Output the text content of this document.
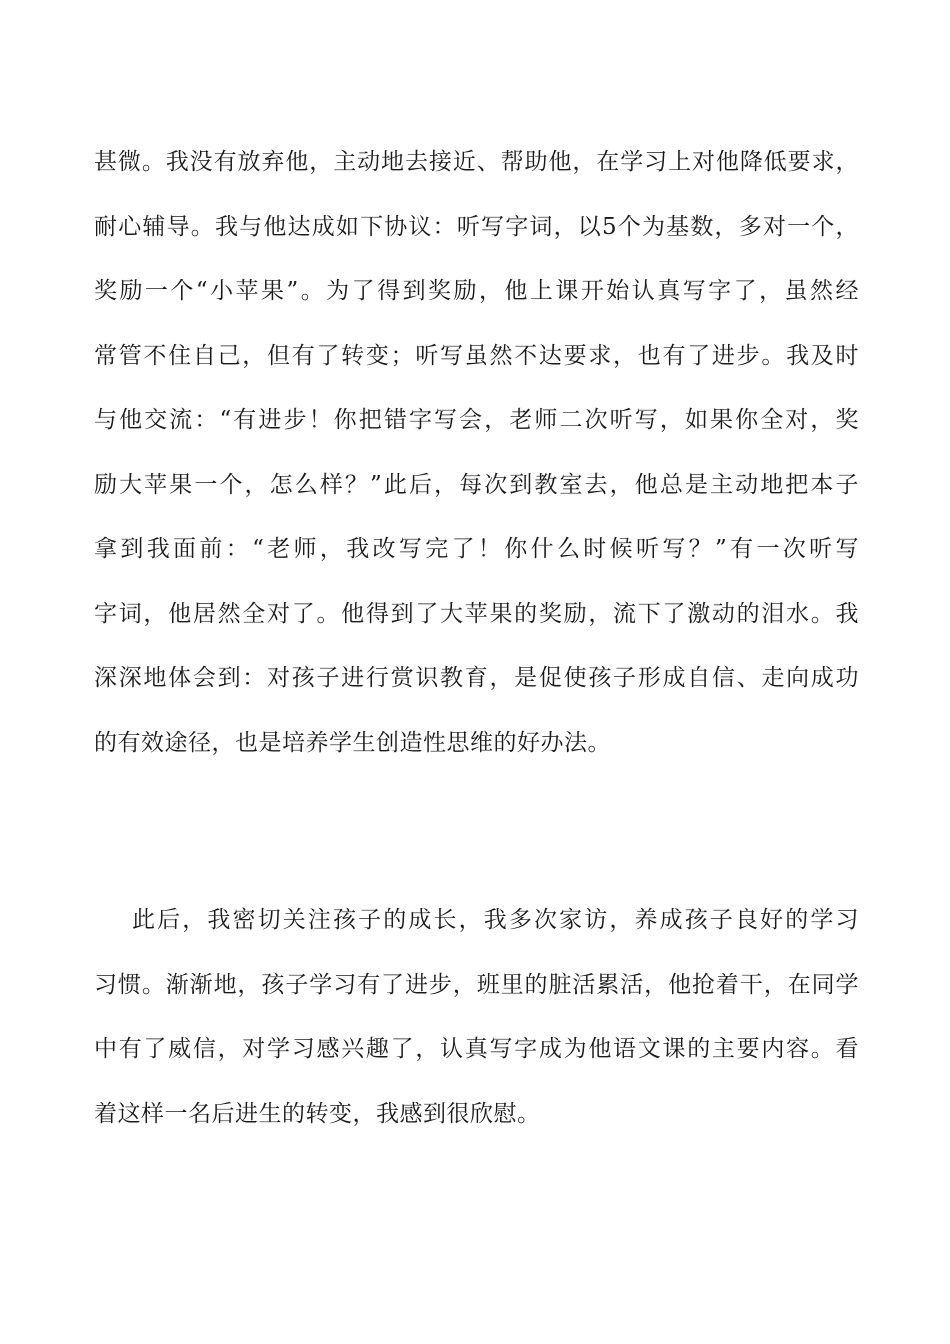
甚微。我没有放弃他，主动地去接近、帮助他，在学习上对他降低要求，
耐心辅导。我与他达成如下协议：听写字词，以5个为基数，多对一个，
奖励一个“小苹果”。为了得到奖励，他上课开始认真写字了，虽然经
常管不住自己，但有了转变；听写虽然不达要求，也有了进步。我及时
与他交流：“有进步！你把错字写会，老师二次听写，如果你全对，奖
励大苹果一个，怎么样？”此后，每次到教室去，他总是主动地把本子
拿到我面前：“老师，我改写完了！你什么时候听写？”有一次听写
字词，他居然全对了。他得到了大苹果的奖励，流下了激动的泪水。我
深深地体会到：对孩子进行赏识教育，是促使孩子形成自信、走向成功
的有效途径，也是培养学生创造性思维的好办法。
此后，我密切关注孩子的成长，我多次家访，养成孩子良好的学习
习惯。渐渐地，孩子学习有了进步，班里的脏活累活，他抢着干，在同学
中有了威信，对学习感兴趣了，认真写字成为他语文课的主要内容。看
着这样一名后进生的转变，我感到很欣慰。
